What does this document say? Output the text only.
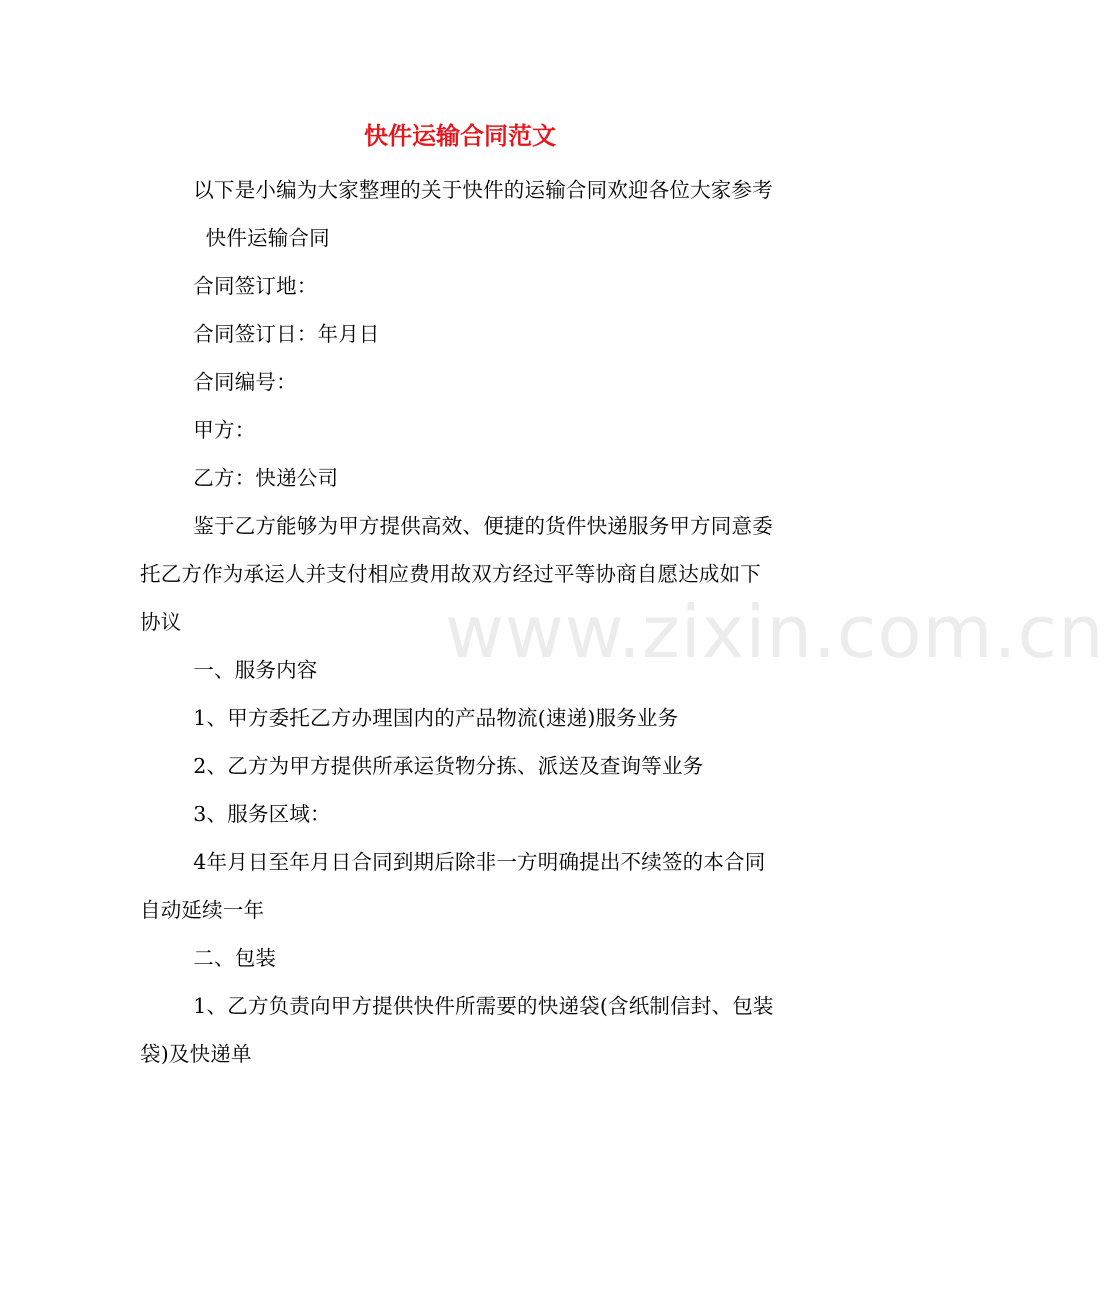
快件运输合同范文

以下是小编为大家整理的关于快件的运输合同欢迎各位大家参考

快件运输合同

合同签订地：

合同签订日：年月日

合同编号：

甲方：

乙方：快递公司

鉴于乙方能够为甲方提供高效、便捷的货件快递服务甲方同意委托乙方作为承运人并支付相应费用故双方经过平等协商自愿达成如下协议

一、服务内容

1、甲方委托乙方办理国内的产品物流(速递)服务业务

2、乙方为甲方提供所承运货物分拣、派送及查询等业务

3、服务区域：

4年月日至年月日合同到期后除非一方明确提出不续签的本合同自动延续一年

二、包装

1、乙方负责向甲方提供快件所需要的快递袋(含纸制信封、包装袋)及快递单

www.zixin.com.cn
